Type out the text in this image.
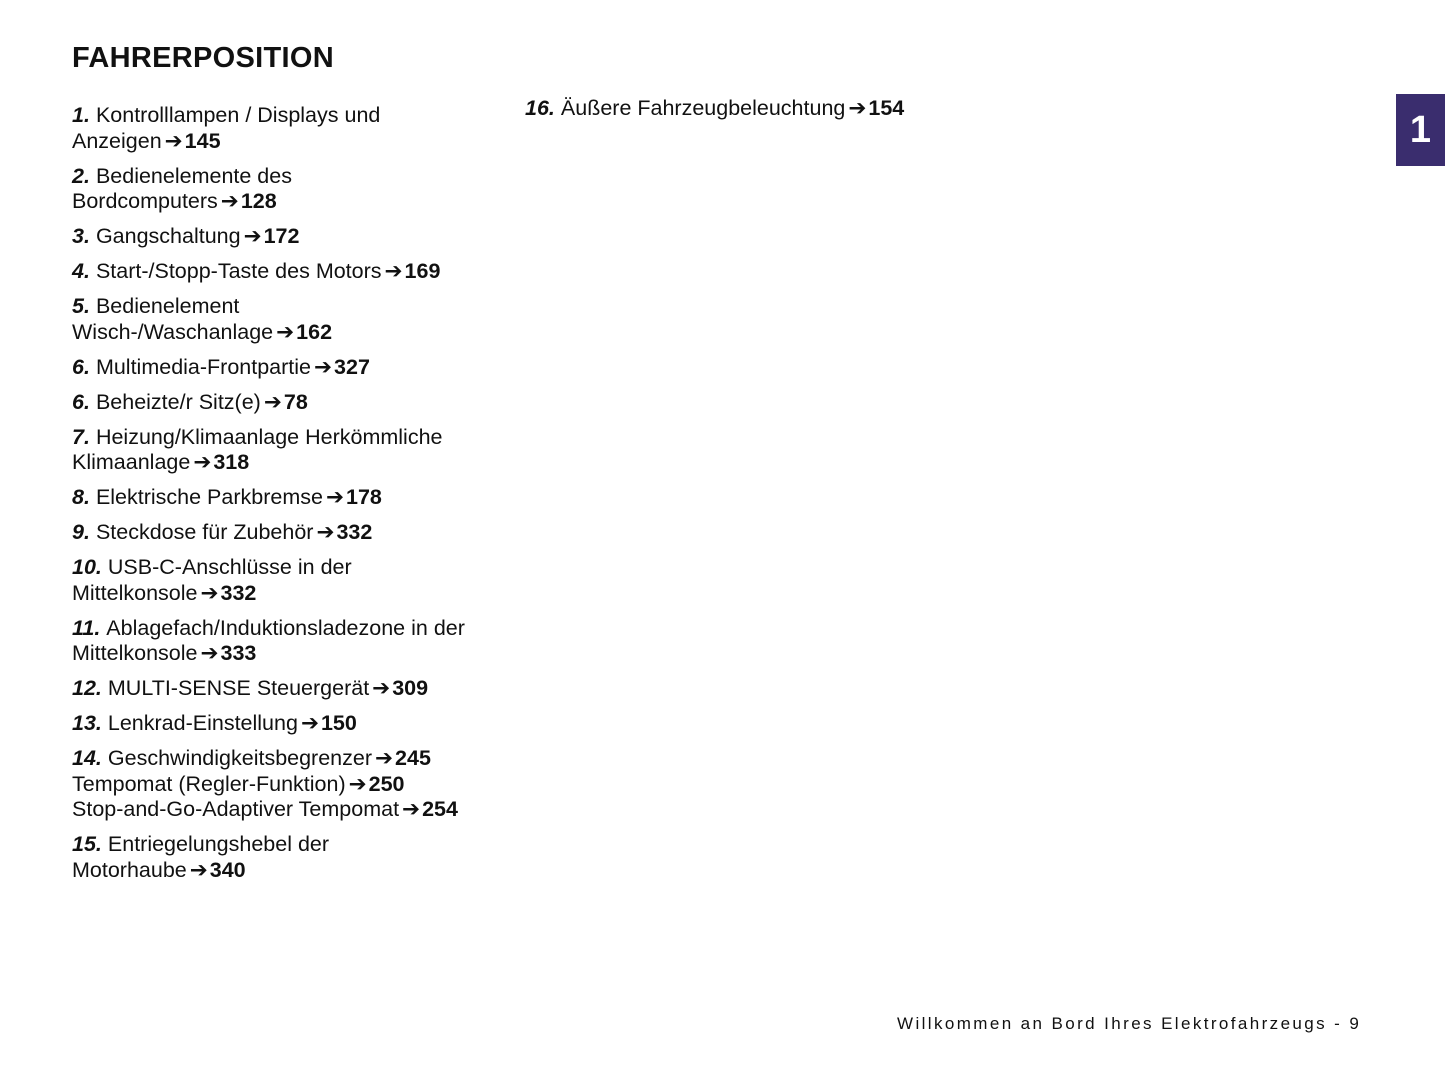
FAHRERPOSITION
1. Kontrolllampen / Displays und Anzeigen ➔145
2. Bedienelemente des Bordcomputers ➔128
3. Gangschaltung ➔172
4. Start-/Stopp-Taste des Motors ➔169
5. Bedienelement Wisch-/Waschanlage ➔162
6. Multimedia-Frontpartie ➔327
6. Beheizte/r Sitz(e) ➔78
7. Heizung/Klimaanlage Herkömmliche Klimaanlage ➔318
8. Elektrische Parkbremse ➔178
9. Steckdose für Zubehör ➔332
10. USB-C-Anschlüsse in der Mittelkonsole ➔332
11. Ablagefach/Induktionsladezone in der Mittelkonsole ➔333
12. MULTI-SENSE Steuergerät ➔309
13. Lenkrad-Einstellung ➔150
14. Geschwindigkeitsbegrenzer ➔245
Tempomat (Regler-Funktion) ➔250
Stop-and-Go-Adaptiver Tempomat ➔254
15. Entriegelungshebel der Motorhaube ➔340
16. Äußere Fahrzeugbeleuchtung ➔154
1
Willkommen an Bord Ihres Elektrofahrzeugs - 9
